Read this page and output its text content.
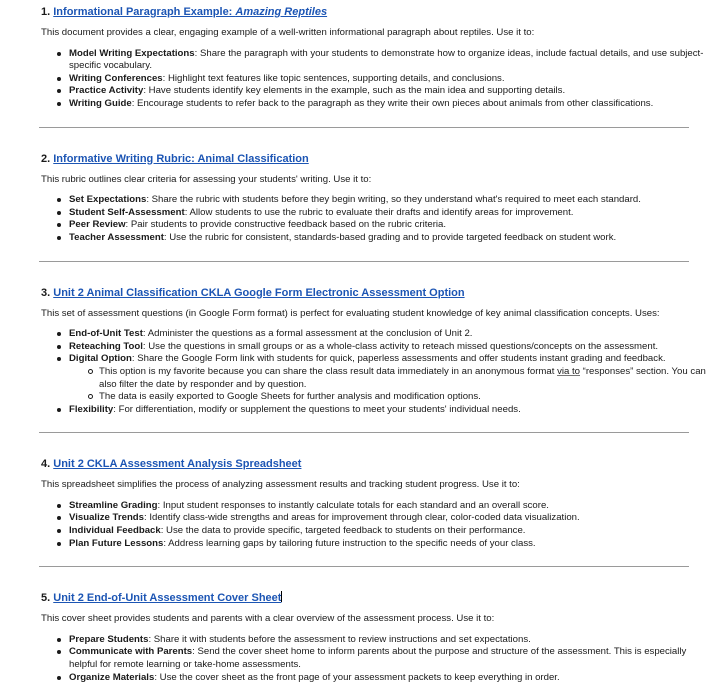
1. Informational Paragraph Example: Amazing Reptiles

This document provides a clear, engaging example of a well-written informational paragraph about reptiles. Use it to:

Model Writing Expectations: Share the paragraph with your students to demonstrate how to organize ideas, include factual details, and use subject-specific vocabulary.
Writing Conferences: Highlight text features like topic sentences, supporting details, and conclusions.
Practice Activity: Have students identify key elements in the example, such as the main idea and supporting details.
Writing Guide: Encourage students to refer back to the paragraph as they write their own pieces about animals from other classifications.

2. Informative Writing Rubric: Animal Classification

This rubric outlines clear criteria for assessing your students' writing. Use it to:

Set Expectations: Share the rubric with students before they begin writing, so they understand what's required to meet each standard.
Student Self-Assessment: Allow students to use the rubric to evaluate their drafts and identify areas for improvement.
Peer Review: Pair students to provide constructive feedback based on the rubric criteria.
Teacher Assessment: Use the rubric for consistent, standards-based grading and to provide targeted feedback on student work.

3. Unit 2 Animal Classification CKLA Google Form Electronic Assessment Option

This set of assessment questions (in Google Form format) is perfect for evaluating student knowledge of key animal classification concepts. Uses:

End-of-Unit Test: Administer the questions as a formal assessment at the conclusion of Unit 2.
Reteaching Tool: Use the questions in small groups or as a whole-class activity to reteach missed questions/concepts on the assessment.
Digital Option: Share the Google Form link with students for quick, paperless assessments and offer students instant grading and feedback.
This option is my favorite because you can share the class result data immediately in an anonymous format via to “responses” section. You can also filter the date by responder and by question.
The data is easily exported to Google Sheets for further analysis and modification options.
Flexibility: For differentiation, modify or supplement the questions to meet your students' individual needs.

4. Unit 2 CKLA Assessment Analysis Spreadsheet

This spreadsheet simplifies the process of analyzing assessment results and tracking student progress. Use it to:

Streamline Grading: Input student responses to instantly calculate totals for each standard and an overall score.
Visualize Trends: Identify class-wide strengths and areas for improvement through clear, color-coded data visualization.
Individual Feedback: Use the data to provide specific, targeted feedback to students on their performance.
Plan Future Lessons: Address learning gaps by tailoring future instruction to the specific needs of your class.

5. Unit 2 End-of-Unit Assessment Cover Sheet

This cover sheet provides students and parents with a clear overview of the assessment process. Use it to:

Prepare Students: Share it with students before the assessment to review instructions and set expectations.
Communicate with Parents: Send the cover sheet home to inform parents about the purpose and structure of the assessment. This is especially helpful for remote learning or take-home assessments.
Organize Materials: Use the cover sheet as the front page of your assessment packets to keep everything in order.
